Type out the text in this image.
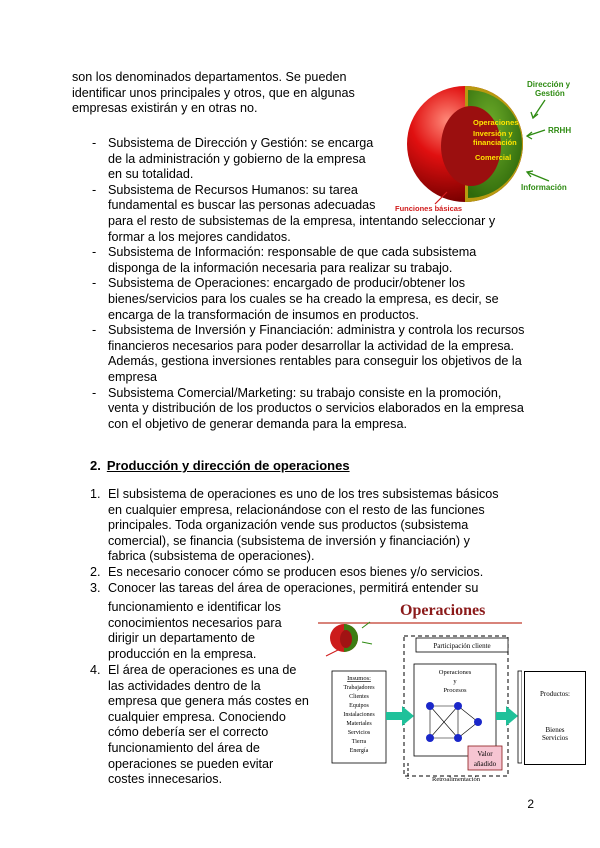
son los denominados departamentos. Se pueden identificar unos principales y otros, que en algunas empresas existirán y en otras no.
Operaciones
Inversión y
financiación
Comercial
Dirección y
Gestión
RRHH
Información
Funciones básicas
- Subsistema de Dirección y Gestión: se encarga de la administración y gobierno de la empresa en su totalidad.
- Subsistema de Recursos Humanos: su tarea fundamental es buscar las personas adecuadas
para el resto de subsistemas de la empresa, intentando seleccionar y formar a los mejores candidatos.
- Subsistema de Información: responsable de que cada subsistema disponga de la información necesaria para realizar su trabajo.
- Subsistema de Operaciones: encargado de producir/obtener los bienes/servicios para los cuales se ha creado la empresa, es decir, se encarga de la transformación de insumos en productos.
- Subsistema de Inversión y Financiación: administra y controla los recursos financieros necesarios para poder desarrollar la actividad de la empresa. Además, gestiona inversiones rentables para conseguir los objetivos de la empresa
- Subsistema Comercial/Marketing: su trabajo consiste en la promoción, venta y distribución de los productos o servicios elaborados en la empresa con el objetivo de generar demanda para la empresa.
2. Producción y dirección de operaciones
1. El subsistema de operaciones es uno de los tres subsistemas básicos en cualquier empresa, relacionándose con el resto de las funciones principales. Toda organización vende sus productos (subsistema comercial), se financia (subsistema de inversión y financiación) y fabrica (subsistema de operaciones).
2. Es necesario conocer cómo se producen esos bienes y/o servicios.
3. Conocer las tareas del área de operaciones, permitirá entender su
funcionamiento e identificar los conocimientos necesarios para dirigir un departamento de producción en la empresa.
4. El área de operaciones es una de las actividades dentro de la empresa que genera más costes en cualquier empresa. Conociendo cómo debería ser el correcto funcionamiento del área de operaciones se pueden evitar costes innecesarios.
Operaciones
Participación cliente
Insumos:
Trabajadores
Clientes
Equipos
Instalaciones
Materiales
Servicios
Tierra
Energía
Operaciones
y
Procesos
Valor
añadido
Retroalimentación
Productos:
Bienes
Servicios
2
